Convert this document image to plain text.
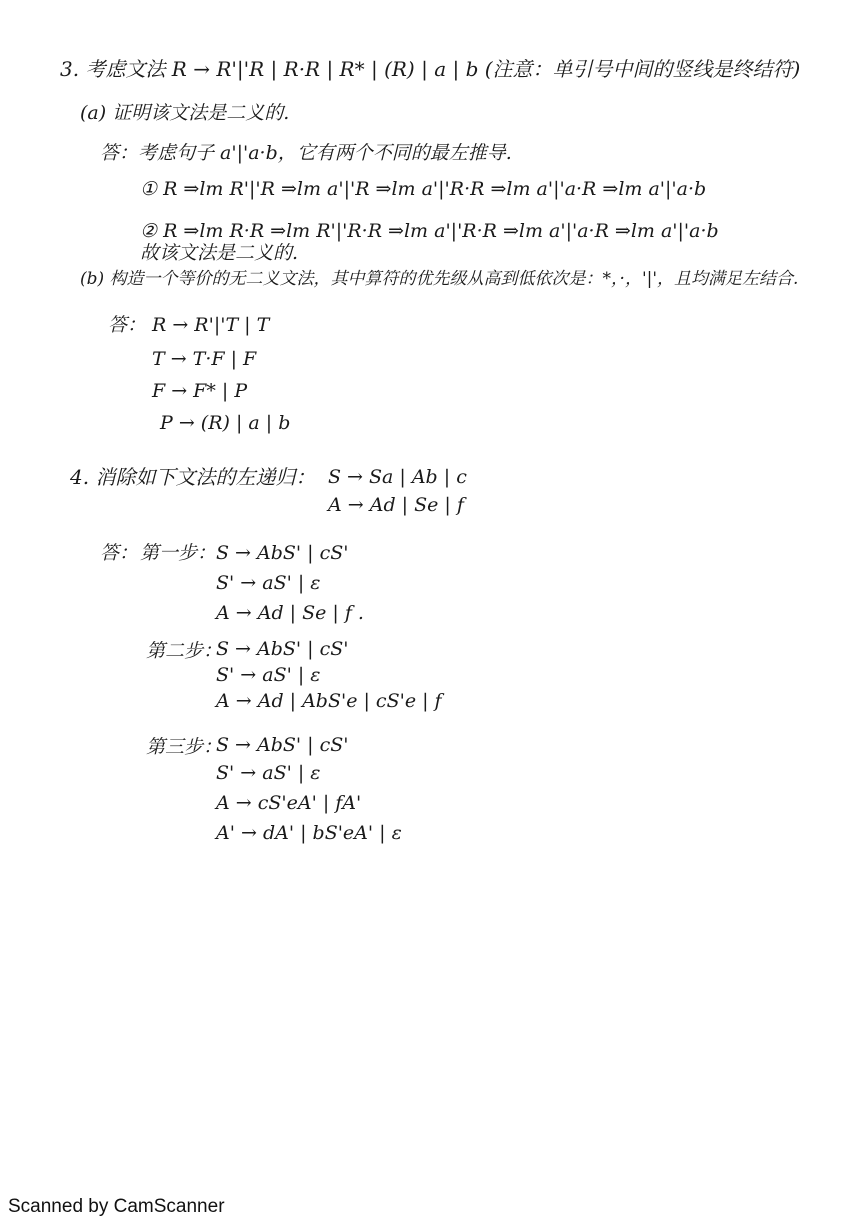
3. 考虑文法 R → R'|'R | R·R | R* | (R) | a | b (注意：单引号中间的竖线是终结符)
(a) 证明该文法是二义的.
答：考虑句子 a'|'a·b，它有两个不同的最左推导.
① R ⇒lm R'|'R ⇒lm a'|'R ⇒lm a'|'R·R ⇒lm a'|'a·R ⇒lm a'|'a·b
② R ⇒lm R·R ⇒lm R'|'R·R ⇒lm a'|'R·R ⇒lm a'|'a·R ⇒lm a'|'a·b
故该文法是二义的.
(b) 构造一个等价的无二义文法，其中算符的优先级从高到低依次是：*，·，'|'，且均满足左结合.
答： R → R'|'T | T
T → T·F | F
F → F* | P
P → (R) | a | b
4. 消除如下文法的左递归： S → Sa | Ab | c
A → Ad | Se | f
答： 第一步： S → AbS' | cS'
S' → aS' | ε
A → Ad | Se | f .
第二步：
S → AbS' | cS'
S' → aS' | ε
A → Ad | AbS'e | cS'e | f
第三步：
S → AbS' | cS'
S' → aS' | ε
A → cS'eA' | fA'
A' → dA' | bS'eA' | ε
Scanned by CamScanner
